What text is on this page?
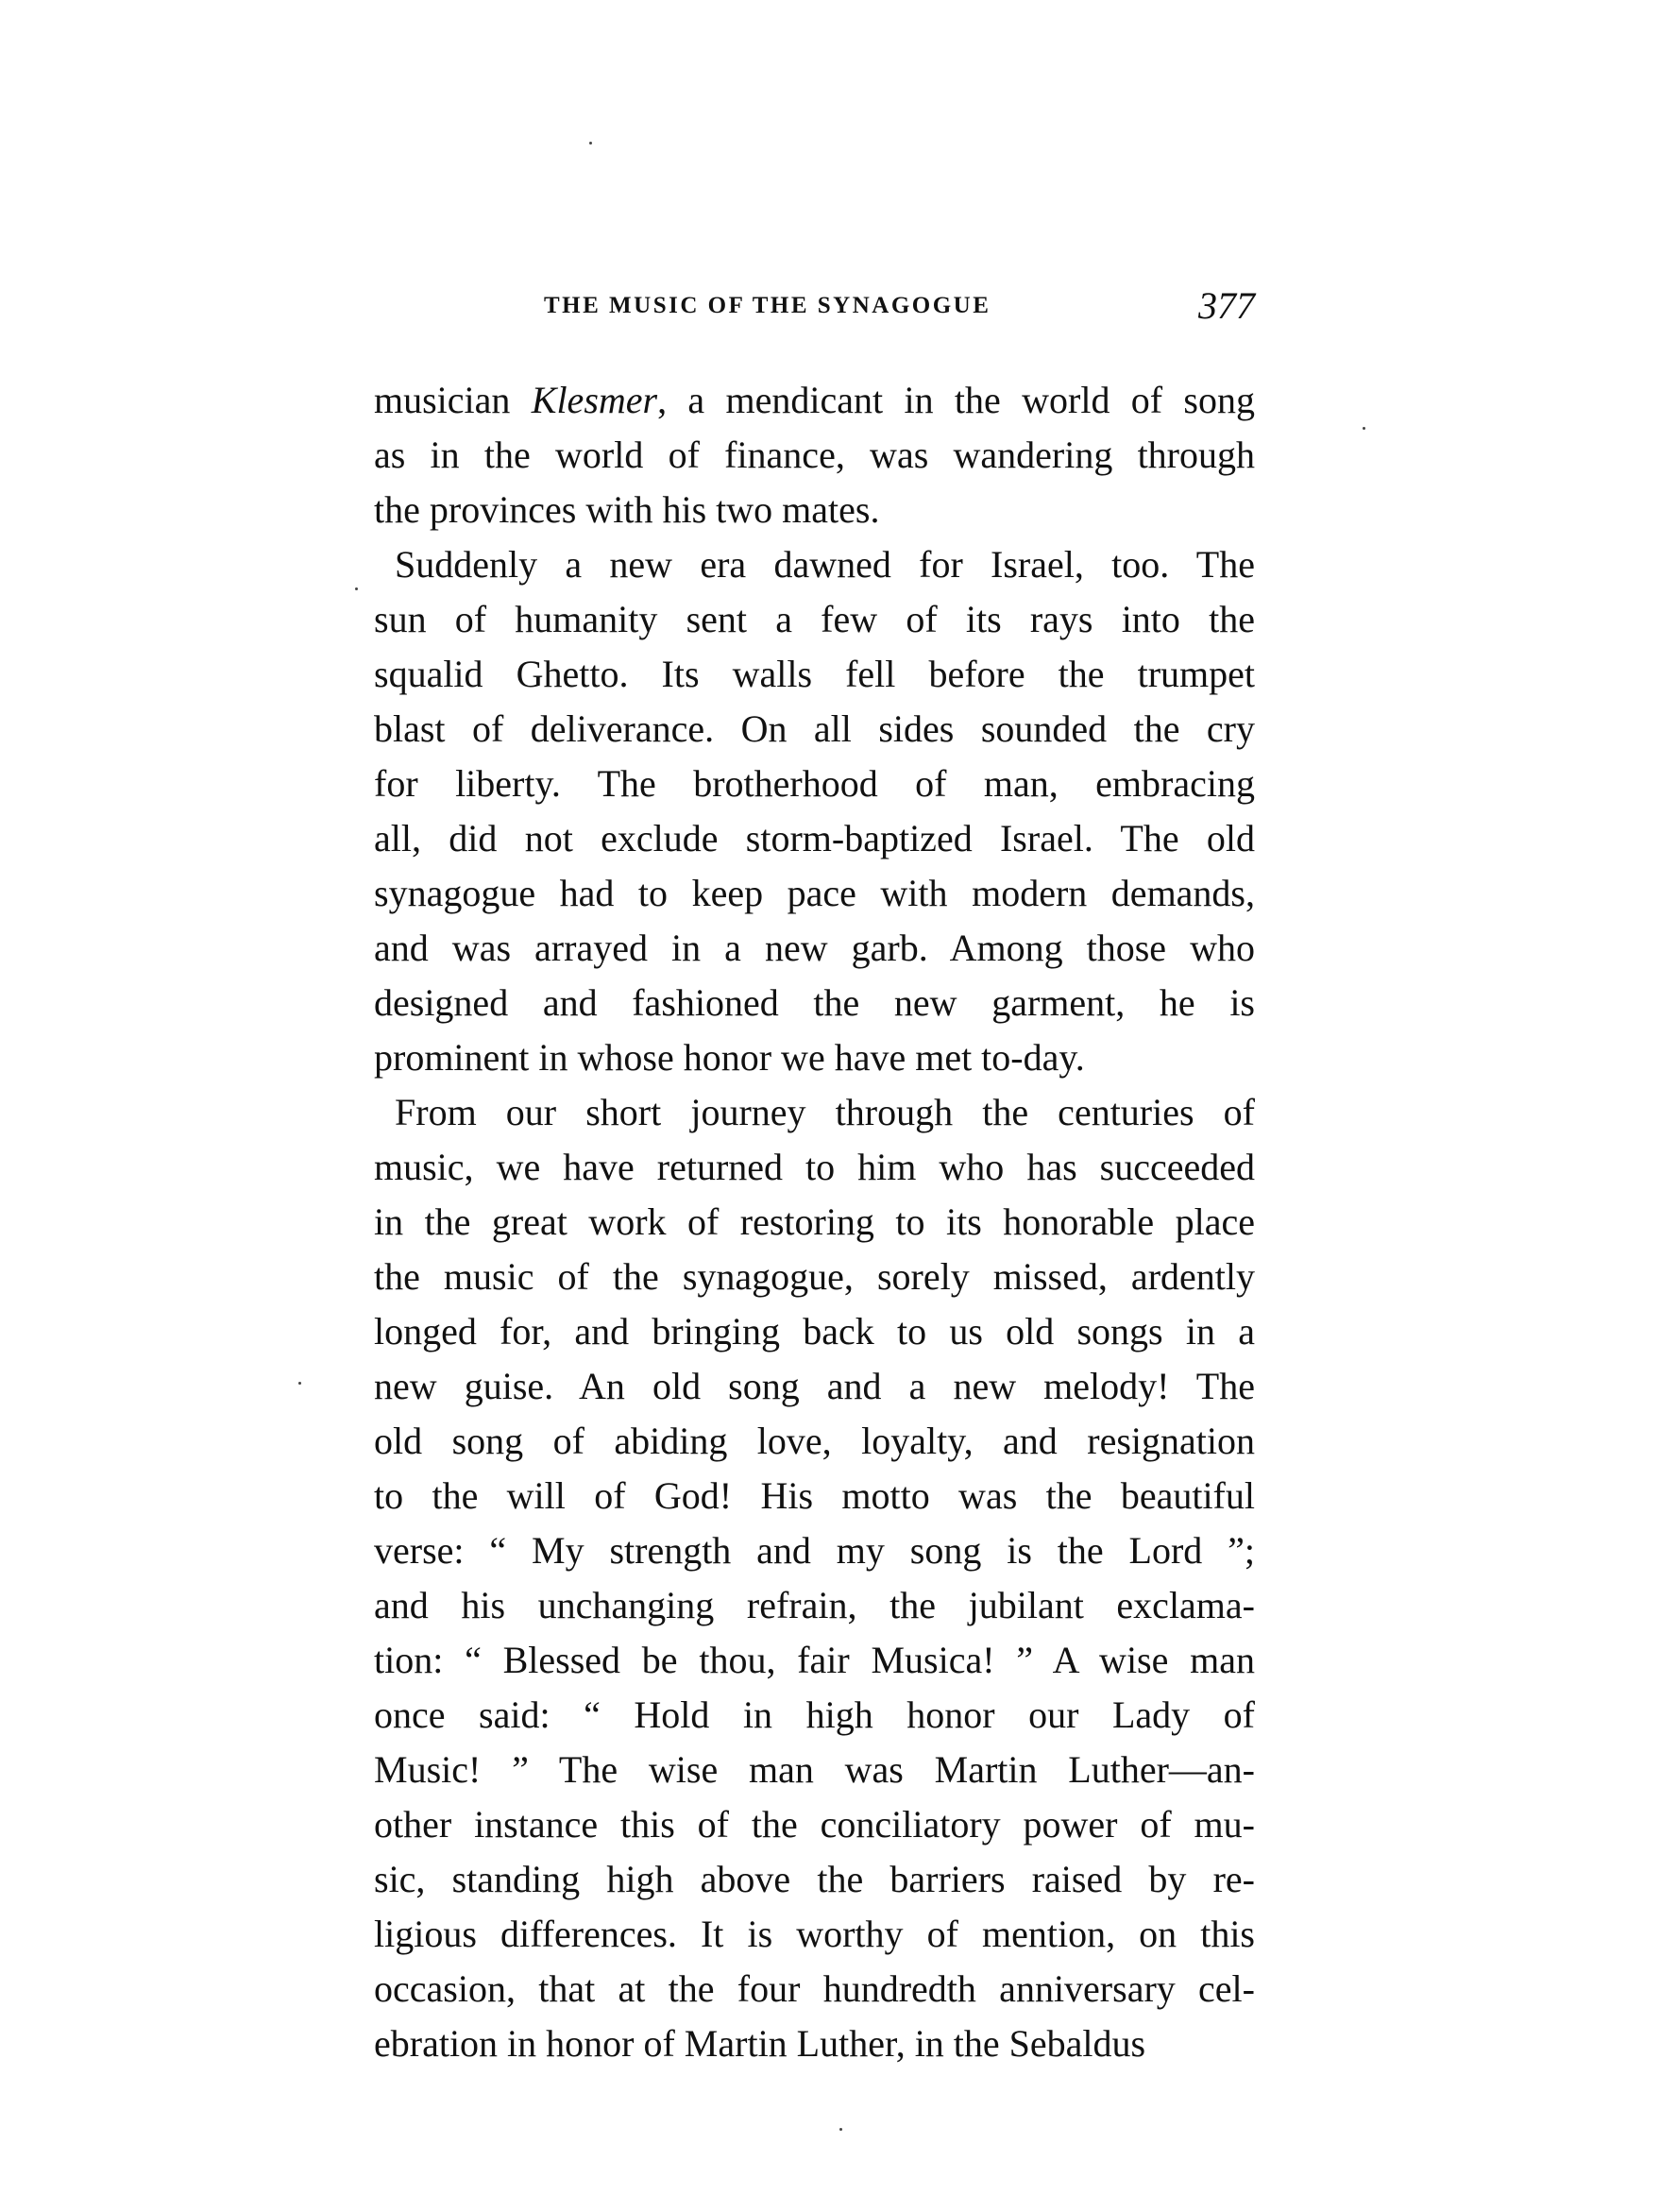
THE MUSIC OF THE SYNAGOGUE	377
musician Klesmer, a mendicant in the world of song
as in the world of finance, was wandering through
the provinces with his two mates.
Suddenly a new era dawned for Israel, too. The
sun of humanity sent a few of its rays into the
squalid Ghetto. Its walls fell before the trumpet
blast of deliverance. On all sides sounded the cry
for liberty. The brotherhood of man, embracing
all, did not exclude storm-baptized Israel. The old
synagogue had to keep pace with modern demands,
and was arrayed in a new garb. Among those who
designed and fashioned the new garment, he is
prominent in whose honor we have met to-day.
From our short journey through the centuries of
music, we have returned to him who has succeeded
in the great work of restoring to its honorable place
the music of the synagogue, sorely missed, ardently
longed for, and bringing back to us old songs in a
new guise. An old song and a new melody! The
old song of abiding love, loyalty, and resignation
to the will of God! His motto was the beautiful
verse: “ My strength and my song is the Lord ”;
and his unchanging refrain, the jubilant exclama-
tion: “ Blessed be thou, fair Musica! ” A wise man
once said: “ Hold in high honor our Lady of
Music! ” The wise man was Martin Luther—an-
other instance this of the conciliatory power of mu-
sic, standing high above the barriers raised by re-
ligious differences. It is worthy of mention, on this
occasion, that at the four hundredth anniversary cel-
ebration in honor of Martin Luther, in the Sebaldus
